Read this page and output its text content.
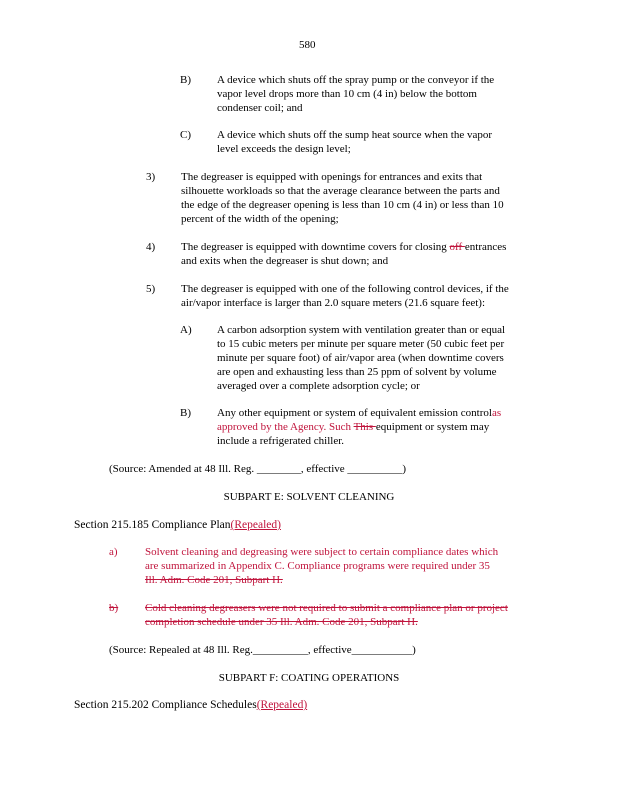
580
B) A device which shuts off the spray pump or the conveyor if the
vapor level drops more than 10 cm (4 in) below the bottom
condenser coil; and
C) A device which shuts off the sump heat source when the vapor
level exceeds the design level;
3) The degreaser is equipped with openings for entrances and exits that
silhouette workloads so that the average clearance between the parts and
the edge of the degreaser opening is less than 10 cm (4 in) or less than 10
percent of the width of the opening;
4) The degreaser is equipped with downtime covers for closing off entrances
and exits when the degreaser is shut down; and
5) The degreaser is equipped with one of the following control devices, if the
air/vapor interface is larger than 2.0 square meters (21.6 square feet):
A) A carbon adsorption system with ventilation greater than or equal
to 15 cubic meters per minute per square meter (50 cubic feet per
minute per square foot) of air/vapor area (when downtime covers
are open and exhausting less than 25 ppm of solvent by volume
averaged over a complete adsorption cycle; or
B) Any other equipment or system of equivalent emission controlas
approved by the Agency. Such This equipment or system may
include a refrigerated chiller.
(Source: Amended at 48 Ill. Reg. ________, effective __________)
SUBPART E: SOLVENT CLEANING
Section 215.185 Compliance Plan(Repealed)
a) Solvent cleaning and degreasing were subject to certain compliance dates which
are summarized in Appendix C. Compliance programs were required under 35
Ill. Adm. Code 201, Subpart H.
b) Cold cleaning degreasers were not required to submit a compliance plan or project
completion schedule under 35 Ill. Adm. Code 201, Subpart H.
(Source: Repealed at 48 Ill. Reg.__________, effective___________)
SUBPART F: COATING OPERATIONS
Section 215.202 Compliance Schedules(Repealed)
